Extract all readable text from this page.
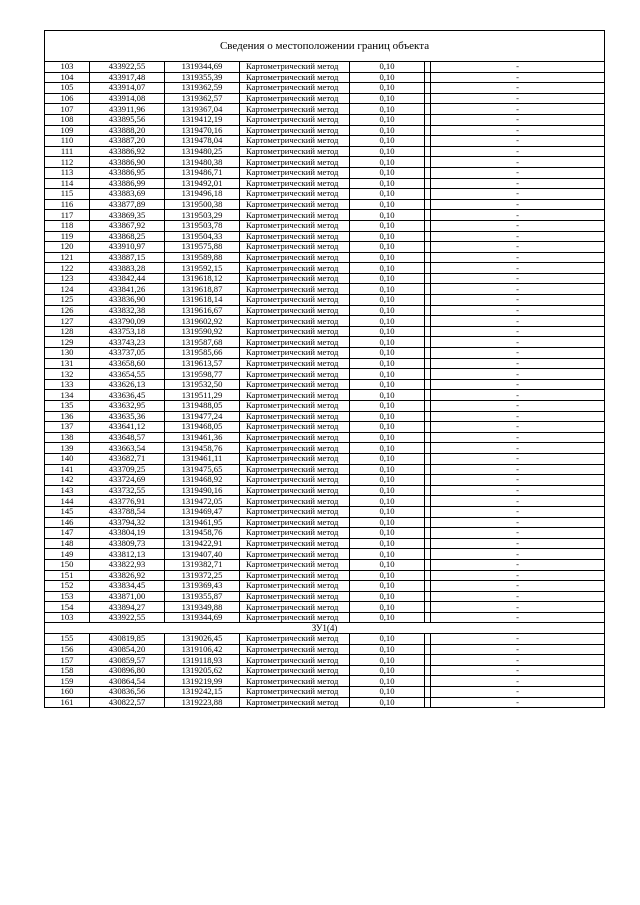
Сведения о местоположении границ объекта						
103	433922,55	1319344,69	Картометрический метод	0,10		-
104	433917,48	1319355,39	Картометрический метод	0,10		-
105	433914,07	1319362,59	Картометрический метод	0,10		-
106	433914,08	1319362,57	Картометрический метод	0,10		-
107	433911,96	1319367,04	Картометрический метод	0,10		-
108	433895,56	1319412,19	Картометрический метод	0,10		-
109	433888,20	1319470,16	Картометрический метод	0,10		-
110	433887,20	1319478,04	Картометрический метод	0,10		-
111	433886,92	1319480,25	Картометрический метод	0,10		-
112	433886,90	1319480,38	Картометрический метод	0,10		-
113	433886,95	1319486,71	Картометрический метод	0,10		-
114	433886,99	1319492,01	Картометрический метод	0,10		-
115	433883,69	1319496,18	Картометрический метод	0,10		-
116	433877,89	1319500,38	Картометрический метод	0,10		-
117	433869,35	1319503,29	Картометрический метод	0,10		-
118	433867,92	1319503,78	Картометрический метод	0,10		-
119	433868,25	1319504,33	Картометрический метод	0,10		-
120	433910,97	1319575,88	Картометрический метод	0,10		-
121	433887,15	1319589,88	Картометрический метод	0,10		-
122	433883,28	1319592,15	Картометрический метод	0,10		-
123	433842,44	1319618,12	Картометрический метод	0,10		-
124	433841,26	1319618,87	Картометрический метод	0,10		-
125	433836,90	1319618,14	Картометрический метод	0,10		-
126	433832,38	1319616,67	Картометрический метод	0,10		-
127	433790,09	1319602,92	Картометрический метод	0,10		-
128	433753,18	1319590,92	Картометрический метод	0,10		-
129	433743,23	1319587,68	Картометрический метод	0,10		-
130	433737,05	1319585,66	Картометрический метод	0,10		-
131	433658,60	1319613,57	Картометрический метод	0,10		-
132	433654,55	1319598,77	Картометрический метод	0,10		-
133	433626,13	1319532,50	Картометрический метод	0,10		-
134	433636,45	1319511,29	Картометрический метод	0,10		-
135	433632,95	1319488,05	Картометрический метод	0,10		-
136	433635,36	1319477,24	Картометрический метод	0,10		-
137	433641,12	1319468,05	Картометрический метод	0,10		-
138	433648,57	1319461,36	Картометрический метод	0,10		-
139	433663,54	1319458,76	Картометрический метод	0,10		-
140	433682,71	1319461,11	Картометрический метод	0,10		-
141	433709,25	1319475,65	Картометрический метод	0,10		-
142	433724,69	1319468,92	Картометрический метод	0,10		-
143	433732,55	1319490,16	Картометрический метод	0,10		-
144	433776,91	1319472,05	Картометрический метод	0,10		-
145	433788,54	1319469,47	Картометрический метод	0,10		-
146	433794,32	1319461,95	Картометрический метод	0,10		-
147	433804,19	1319458,76	Картометрический метод	0,10		-
148	433809,73	1319422,91	Картометрический метод	0,10		-
149	433812,13	1319407,40	Картометрический метод	0,10		-
150	433822,93	1319382,71	Картометрический метод	0,10		-
151	433826,92	1319372,25	Картометрический метод	0,10		-
152	433834,45	1319369,43	Картометрический метод	0,10		-
153	433871,00	1319355,87	Картометрический метод	0,10		-
154	433894,27	1319349,88	Картометрический метод	0,10		-
103	433922,55	1319344,69	Картометрический метод	0,10		-
ЗУ1(4)						
155	430819,85	1319026,45	Картометрический метод	0,10		-
156	430854,20	1319106,42	Картометрический метод	0,10		-
157	430859,57	1319118,93	Картометрический метод	0,10		-
158	430896,80	1319205,62	Картометрический метод	0,10		-
159	430864,54	1319219,99	Картометрический метод	0,10		-
160	430836,56	1319242,15	Картометрический метод	0,10		-
161	430822,57	1319223,88	Картометрический метод	0,10		-
